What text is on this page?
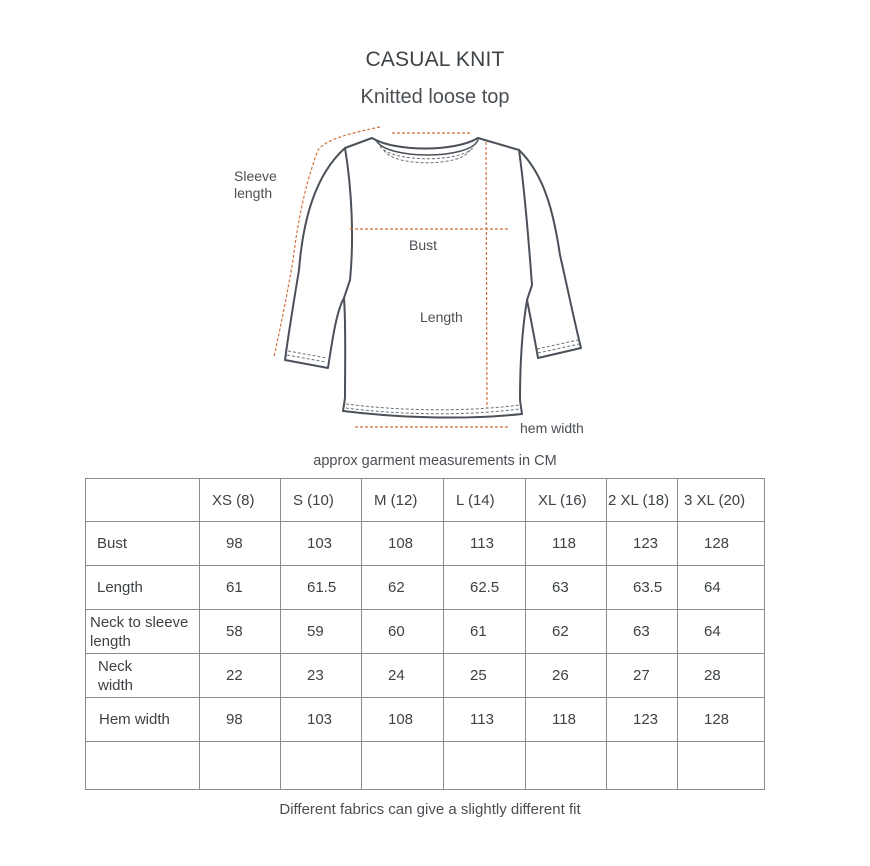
CASUAL KNIT
Knitted loose top
Sleeve
length
Bust
Length
hem width
approx garment measurements in CM
	XS (8)	S (10)	M (12)	L (14)	XL (16)	2 XL (18)	3 XL (20)
Bust	98	103	108	113	118	123	128
Length	61	61.5	62	62.5	63	63.5	64

Neck to sleeve
length	58	59	60	61	62	63	64

Neck
width	22	23	24	25	26	27	28
Hem width	98	103	108	113	118	123	128

Different fabrics can give a slightly different fit
